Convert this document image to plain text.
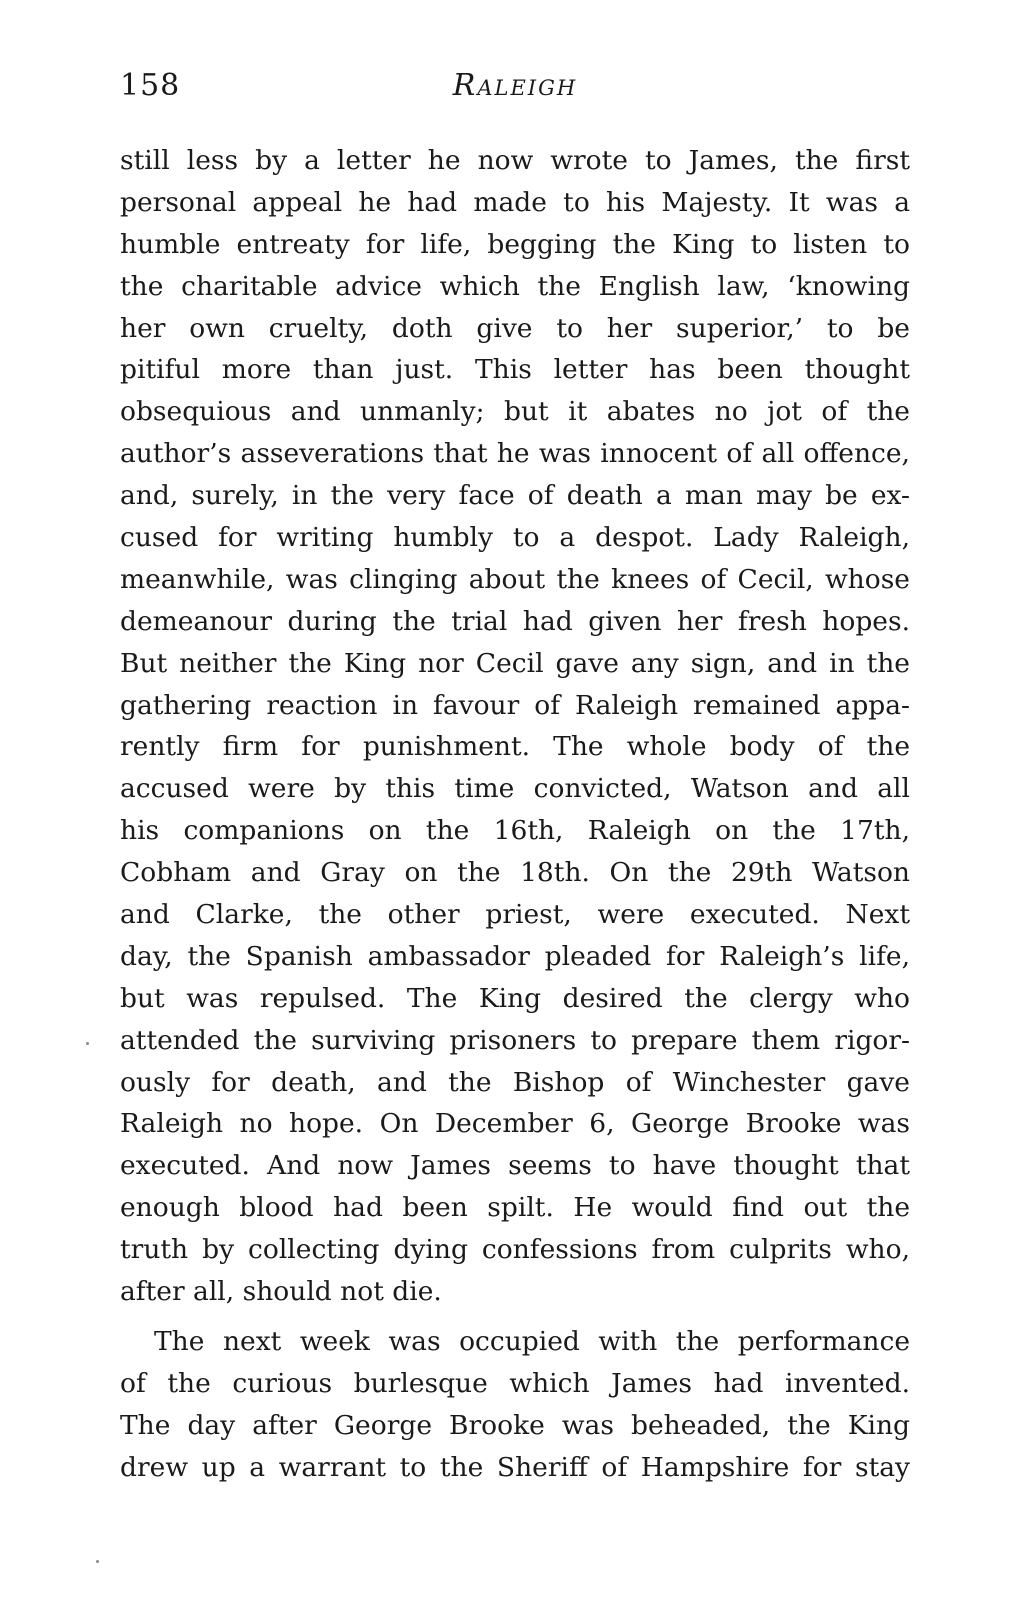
158	Raleigh
still less by a letter he now wrote to James, the first
personal appeal he had made to his Majesty. It was a
humble entreaty for life, begging the King to listen to
the charitable advice which the English law, ‘knowing
her own cruelty, doth give to her superior,’ to be
pitiful more than just. This letter has been thought
obsequious and unmanly; but it abates no jot of the
author’s asseverations that he was innocent of all offence,
and, surely, in the very face of death a man may be ex-
cused for writing humbly to a despot. Lady Raleigh,
meanwhile, was clinging about the knees of Cecil, whose
demeanour during the trial had given her fresh hopes.
But neither the King nor Cecil gave any sign, and in the
gathering reaction in favour of Raleigh remained appa-
rently firm for punishment. The whole body of the
accused were by this time convicted, Watson and all
his companions on the 16th, Raleigh on the 17th,
Cobham and Gray on the 18th. On the 29th Watson
and Clarke, the other priest, were executed. Next
day, the Spanish ambassador pleaded for Raleigh’s life,
but was repulsed. The King desired the clergy who
attended the surviving prisoners to prepare them rigor-
ously for death, and the Bishop of Winchester gave
Raleigh no hope. On December 6, George Brooke was
executed. And now James seems to have thought that
enough blood had been spilt. He would find out the
truth by collecting dying confessions from culprits who,
after all, should not die.
The next week was occupied with the performance
of the curious burlesque which James had invented.
The day after George Brooke was beheaded, the King
drew up a warrant to the Sheriff of Hampshire for stay
